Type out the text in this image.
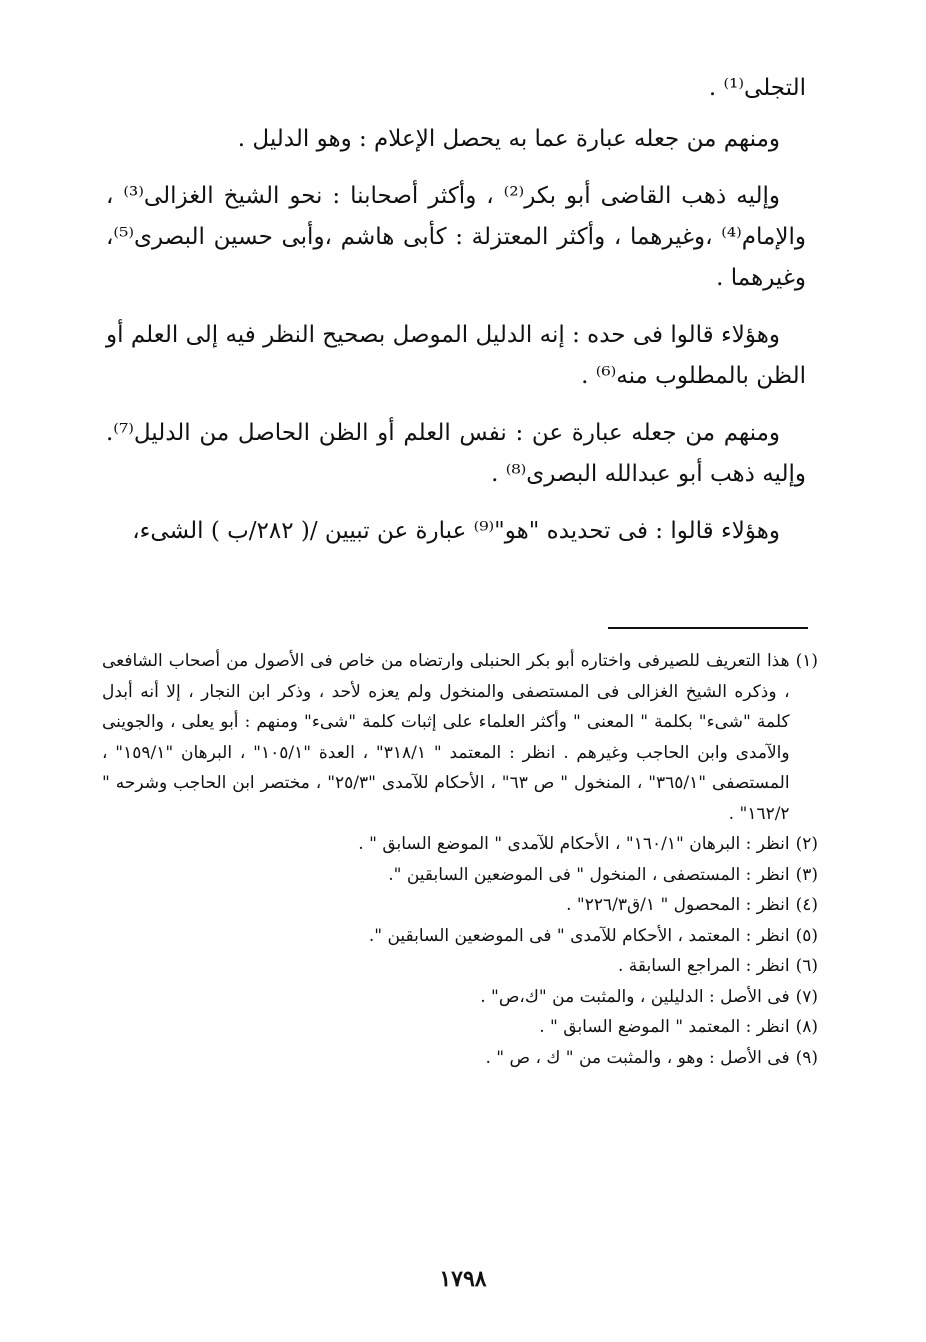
التجلى⁽¹⁾ .

ومنهم من جعله عبارة عما به يحصل الإعلام : وهو الدليل .

وإليه ذهب القاضى أبو بكر⁽²⁾ ، وأكثر أصحابنا : نحو الشيخ الغزالى⁽³⁾ ، والإمام⁽⁴⁾ ،وغيرهما ، وأكثر المعتزلة : كأبى هاشم ،وأبى حسين البصرى⁽⁵⁾، وغيرهما .

وهؤلاء قالوا فى حده : إنه الدليل الموصل بصحيح النظر فيه إلى العلم أو الظن بالمطلوب منه⁽⁶⁾ .

ومنهم من جعله عبارة عن : نفس العلم أو الظن الحاصل من الدليل⁽⁷⁾. وإليه ذهب أبو عبدالله البصرى⁽⁸⁾ .

وهؤلاء قالوا : فى تحديده "هو"⁽⁹⁾ عبارة عن تبيين /( ٢٨٢/ب ) الشىء،

(١)
هذا التعريف للصيرفى واختاره أبو بكر الحنبلى وارتضاه من خاص فى الأصول من أصحاب الشافعى ، وذكره الشيخ الغزالى فى المستصفى والمنخول ولم يعزه لأحد ، وذكر ابن النجار ، إلا أنه أبدل كلمة "شىء" بكلمة " المعنى " وأكثر العلماء على إثبات كلمة "شىء" ومنهم : أبو يعلى ، والجوينى والآمدى وابن الحاجب وغيرهم . انظر : المعتمد " ٣١٨/١" ، العدة "١٠٥/١" ، البرهان "١٥٩/١" ، المستصفى "٣٦٥/١" ، المنخول " ص ٦٣" ، الأحكام للآمدى "٢٥/٣" ، مختصر ابن الحاجب وشرحه " ١٦٢/٢" .
(٢)
انظر : البرهان "١٦٠/١" ، الأحكام للآمدى " الموضع السابق " .
(٣)
انظر : المستصفى ، المنخول " فى الموضعين السابقين ".
(٤)
انظر : المحصول " ١/ق٢٢٦/٣" .
(٥)
انظر : المعتمد ، الأحكام للآمدى " فى الموضعين السابقين ".
(٦)
انظر : المراجع السابقة .
(٧)
فى الأصل : الدليلين ، والمثبت من "ك،ص" .
(٨)
انظر : المعتمد " الموضع السابق " .
(٩)
فى الأصل : وهو ، والمثبت من " ك ، ص " .
١٧٩٨
